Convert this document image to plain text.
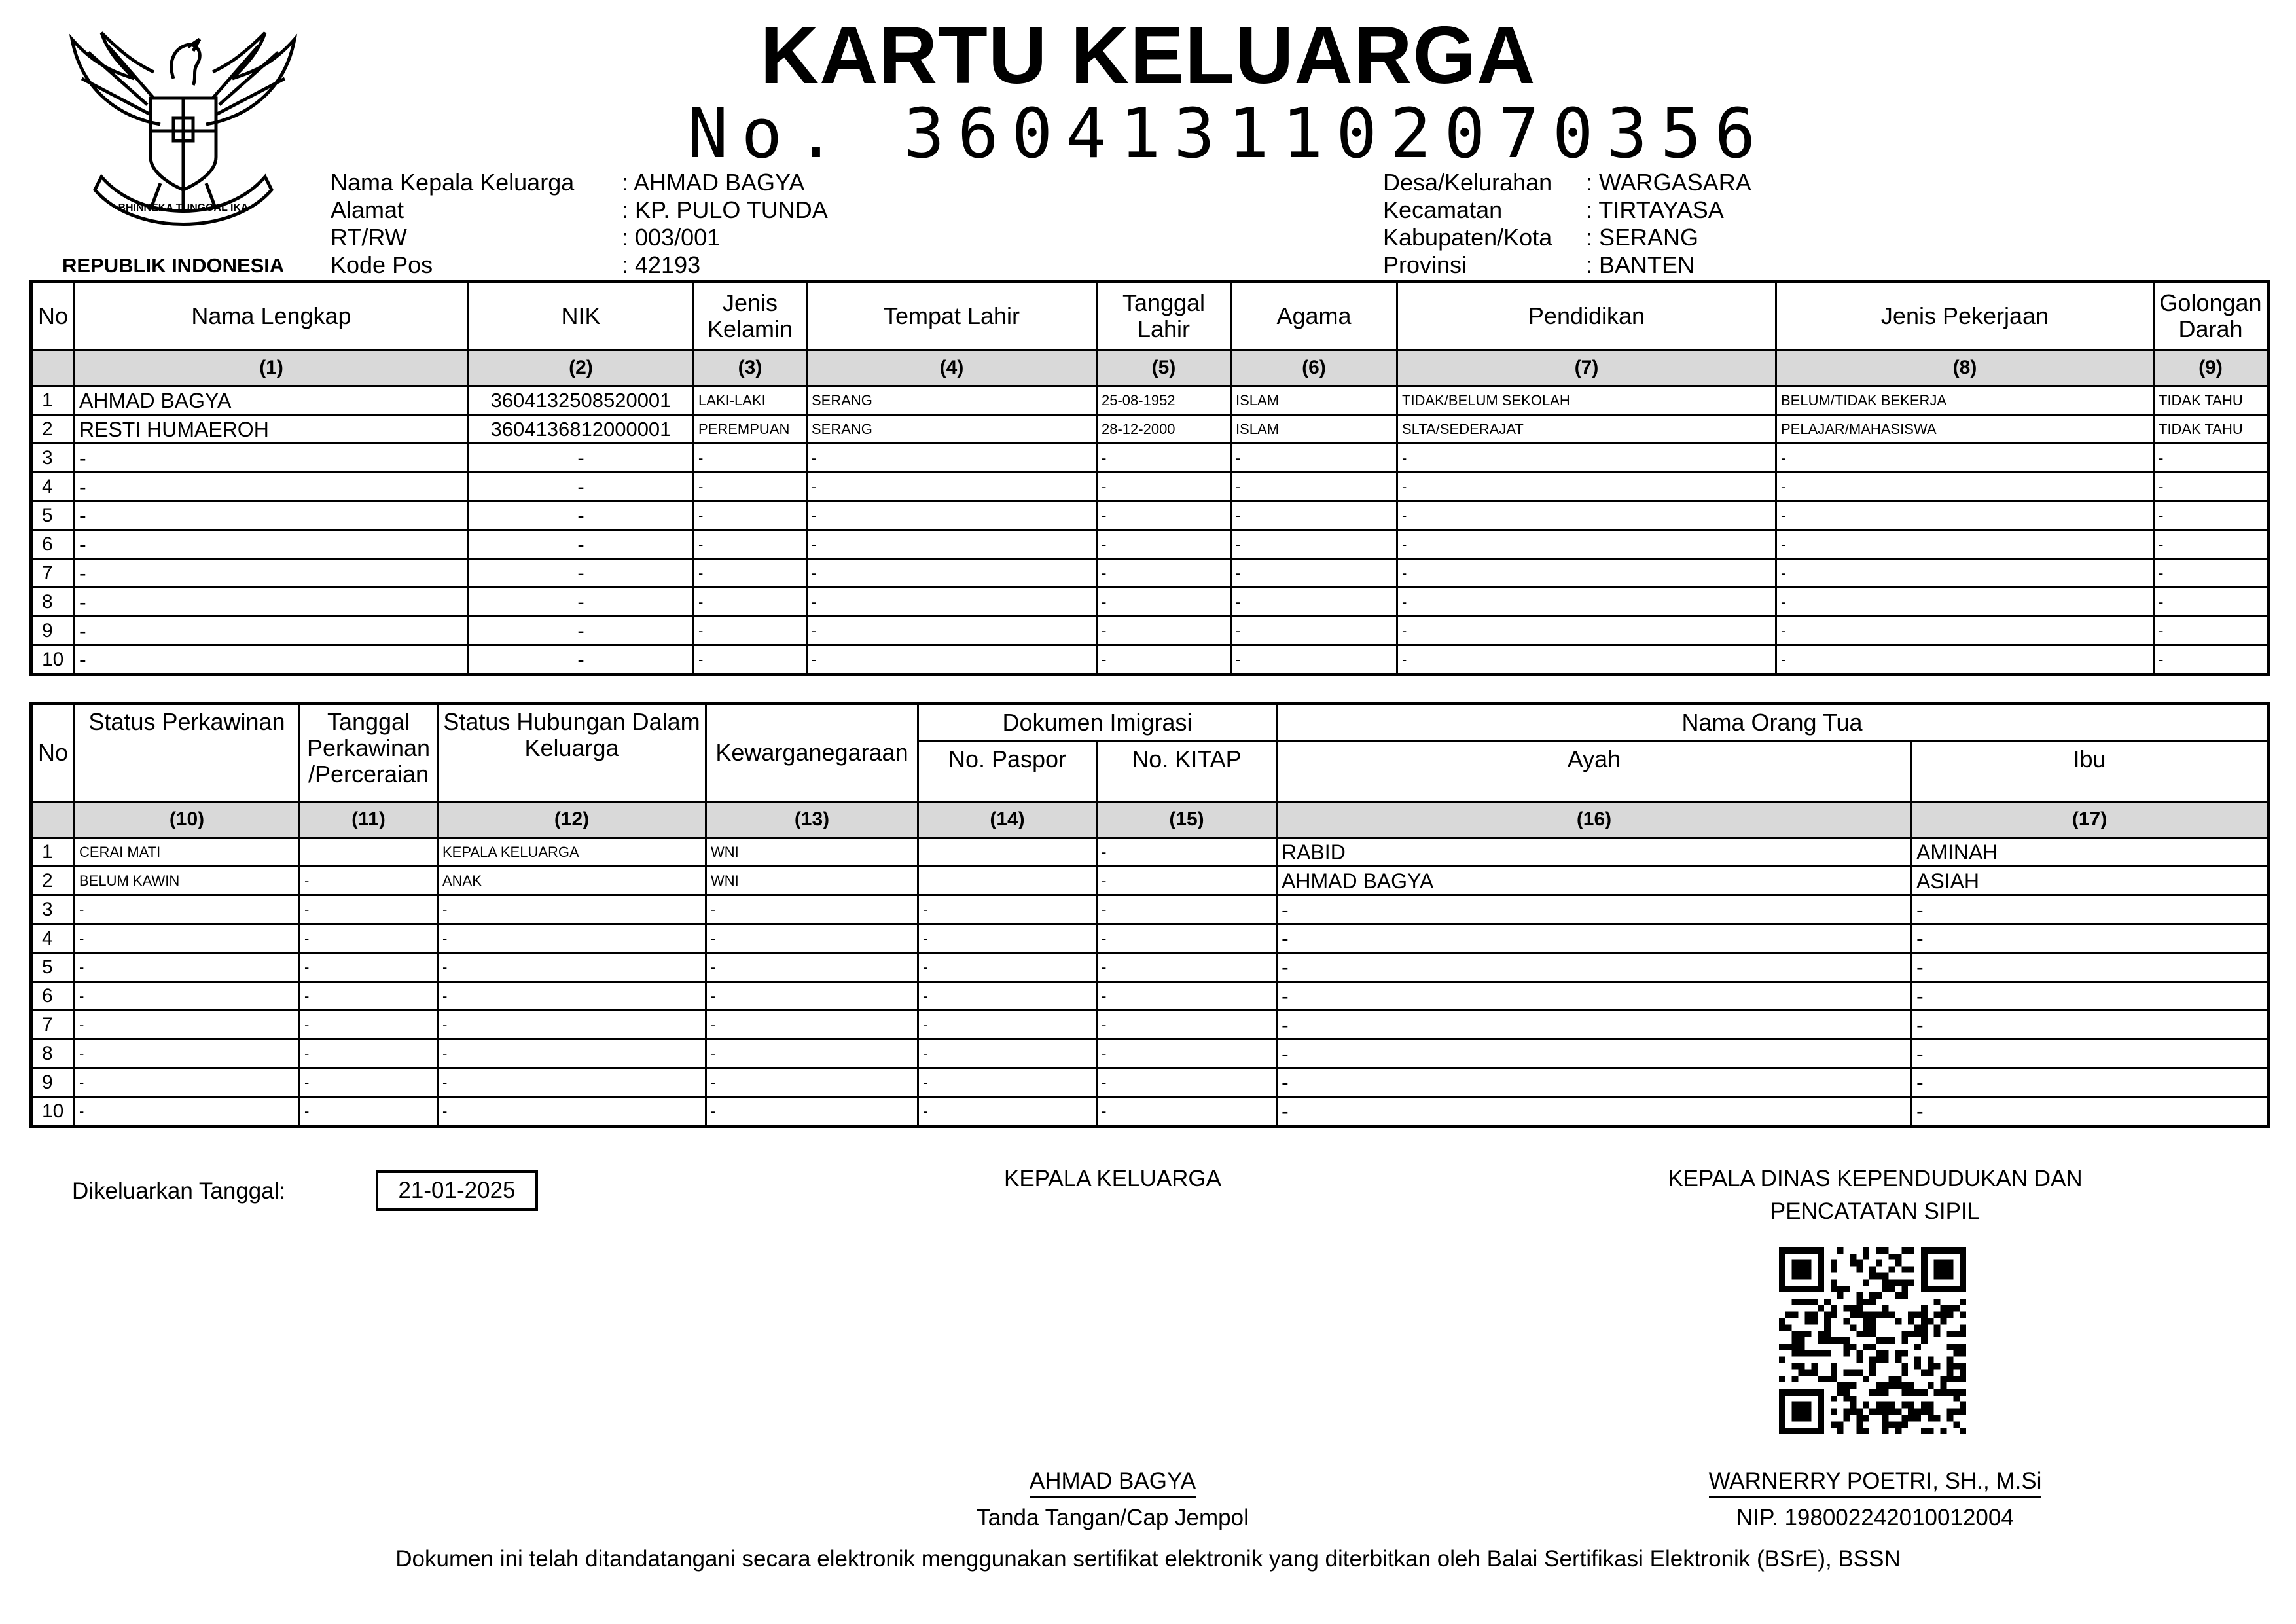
KARTU KELUARGA
No. 3604131102070356
BHINNEKA TUNGGAL IKA
REPUBLIK INDONESIA
Nama Kepala Keluarga : AHMAD BAGYA
Alamat	: KP. PULO TUNDA
RT/RW	: 003/001
Kode Pos	: 42193
Desa/Kelurahan : WARGASARA
Kecamatan	: TIRTAYASA
Kabupaten/Kota : SERANG
Provinsi	: BANTEN
No	Nama Lengkap	NIK	Jenis Kelamin	Tempat Lahir	Tanggal Lahir	Agama	Pendidikan	Jenis Pekerjaan	Golongan Darah
	(1)	(2)	(3)	(4)	(5)	(6)	(7)	(8)	(9)
1	AHMAD BAGYA	3604132508520001	LAKI-LAKI	SERANG	25-08-1952	ISLAM	TIDAK/BELUM SEKOLAH	BELUM/TIDAK BEKERJA	TIDAK TAHU
2	RESTI HUMAEROH	3604136812000001	PEREMPUAN	SERANG	28-12-2000	ISLAM	SLTA/SEDERAJAT	PELAJAR/MAHASISWA	TIDAK TAHU
3	-	-	-	-	-	-	-	-	-
4	-	-	-	-	-	-	-	-	-
5	-	-	-	-	-	-	-	-	-
6	-	-	-	-	-	-	-	-	-
7	-	-	-	-	-	-	-	-	-
8	-	-	-	-	-	-	-	-	-
9	-	-	-	-	-	-	-	-	-
10	-	-	-	-	-	-	-	-	-
No	Status Perkawinan	Tanggal Perkawinan /Perceraian	Status Hubungan Dalam Keluarga	Kewarganegaraan	Dokumen Imigrasi		Nama Orang Tua	
					No. Paspor	No. KITAP	Ayah	Ibu
	(10)	(11)	(12)	(13)	(14)	(15)	(16)	(17)
1	CERAI MATI		KEPALA KELUARGA	WNI		-	RABID	AMINAH
2	BELUM KAWIN	-	ANAK	WNI		-	AHMAD BAGYA	ASIAH
3	-	-	-	-	-	-	-	-
4	-	-	-	-	-	-	-	-
5	-	-	-	-	-	-	-	-
6	-	-	-	-	-	-	-	-
7	-	-	-	-	-	-	-	-
8	-	-	-	-	-	-	-	-
9	-	-	-	-	-	-	-	-
10	-	-	-	-	-	-	-	-
Dikeluarkan Tanggal:	21-01-2025	KEPALA KELUARGA
AHMAD BAGYA
Tanda Tangan/Cap Jempol
KEPALA DINAS KEPENDUDUKAN DAN
PENCATATAN SIPIL
WARNERRY POETRI, SH., M.Si
NIP. 198002242010012004
Dokumen ini telah ditandatangani secara elektronik menggunakan sertifikat elektronik yang diterbitkan oleh Balai Sertifikasi Elektronik (BSrE), BSSN
